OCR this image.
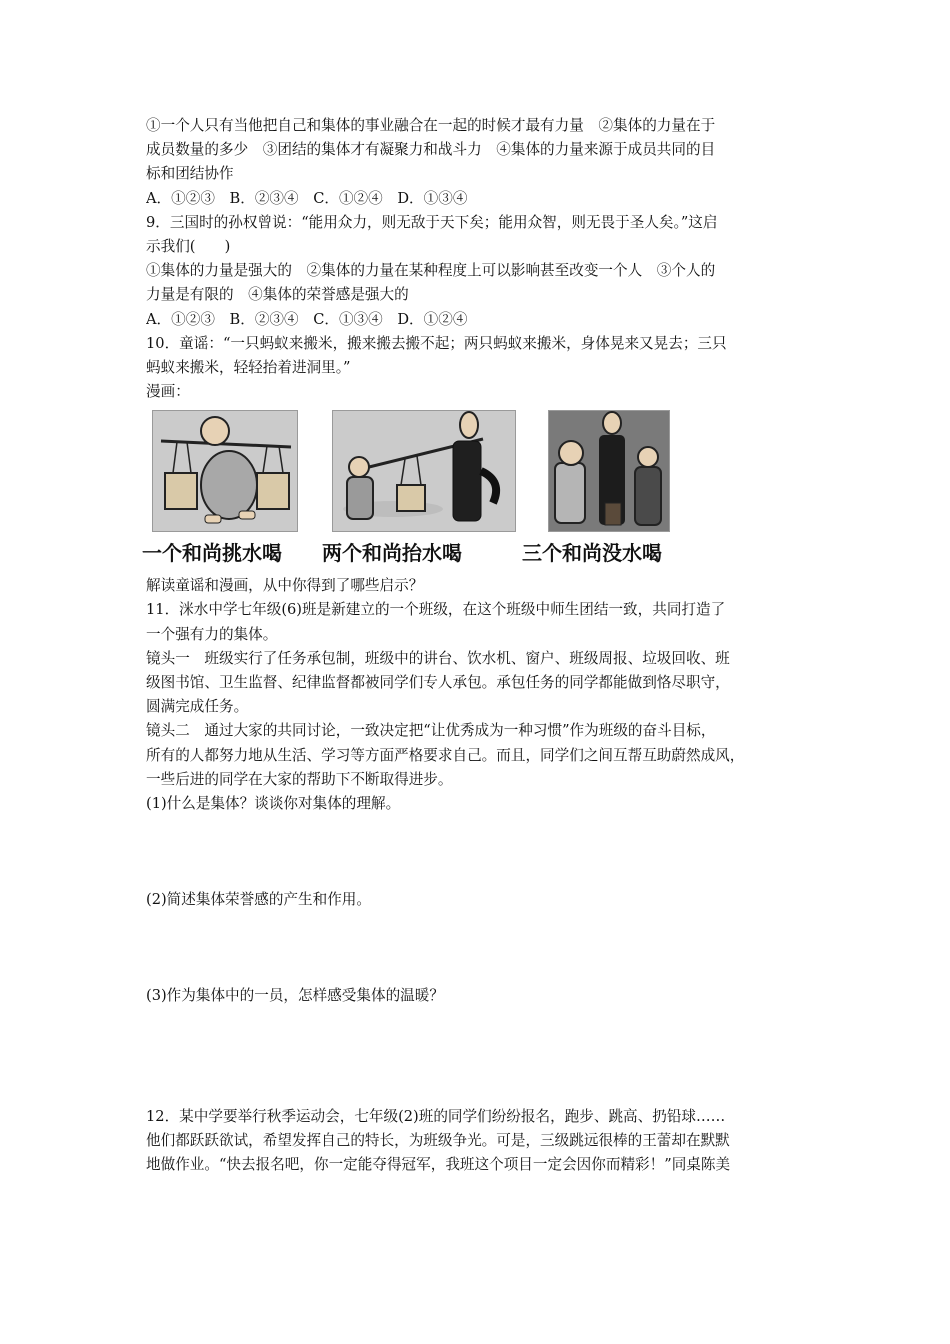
①一个人只有当他把自己和集体的事业融合在一起的时候才最有力量　②集体的力量在于
成员数量的多少　③团结的集体才有凝聚力和战斗力　④集体的力量来源于成员共同的目
标和团结协作
A．①②③　B．②③④　C．①②④　D．①③④
9．三国时的孙权曾说：“能用众力，则无敌于天下矣；能用众智，则无畏于圣人矣。”这启
示我们(　　)
①集体的力量是强大的　②集体的力量在某种程度上可以影响甚至改变一个人　③个人的
力量是有限的　④集体的荣誉感是强大的
A．①②③　B．②③④　C．①③④　D．①②④
10．童谣：“一只蚂蚁来搬米，搬来搬去搬不起；两只蚂蚁来搬米，身体晃来又晃去；三只
蚂蚁来搬米，轻轻抬着进洞里。”
漫画：
一个和尚挑水喝 两个和尚抬水喝	三个和尚没水喝
解读童谣和漫画，从中你得到了哪些启示？
11．洣水中学七年级(6)班是新建立的一个班级，在这个班级中师生团结一致，共同打造了
一个强有力的集体。
镜头一　班级实行了任务承包制，班级中的讲台、饮水机、窗户、班级周报、垃圾回收、班
级图书馆、卫生监督、纪律监督都被同学们专人承包。承包任务的同学都能做到恪尽职守，
圆满完成任务。
镜头二　通过大家的共同讨论，一致决定把“让优秀成为一种习惯”作为班级的奋斗目标，
所有的人都努力地从生活、学习等方面严格要求自己。而且，同学们之间互帮互助蔚然成风，
一些后进的同学在大家的帮助下不断取得进步。
(1)什么是集体？谈谈你对集体的理解。
(2)简述集体荣誉感的产生和作用。
(3)作为集体中的一员，怎样感受集体的温暖？
12．某中学要举行秋季运动会，七年级(2)班的同学们纷纷报名，跑步、跳高、扔铅球……
他们都跃跃欲试，希望发挥自己的特长，为班级争光。可是，三级跳远很棒的王蕾却在默默
地做作业。“快去报名吧，你一定能夺得冠军，我班这个项目一定会因你而精彩！”同桌陈美
